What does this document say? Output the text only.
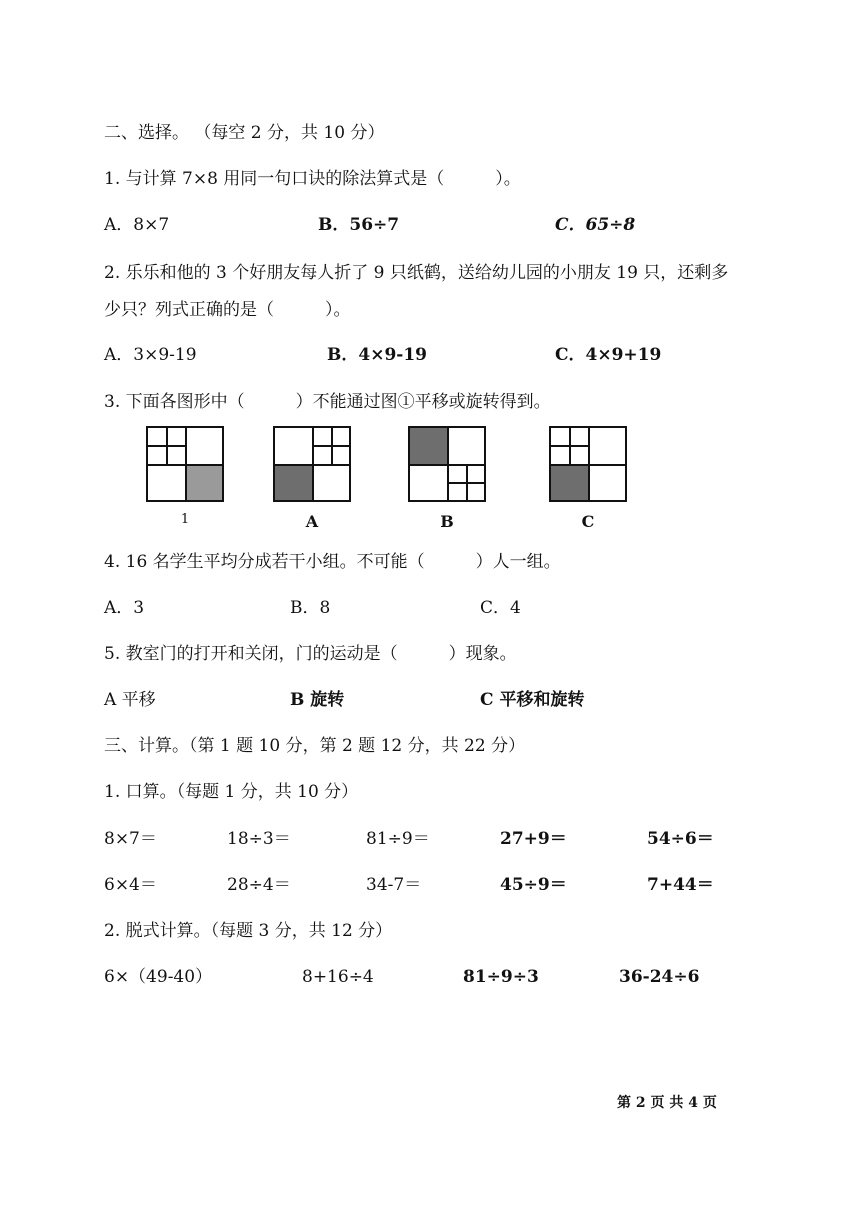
二、选择。 （每空 2 分，共 10 分）
1. 与计算 7×8 用同一句口诀的除法算式是（　　　）。
A．8×7	B．56÷7	C．65÷8
2. 乐乐和他的 3 个好朋友每人折了 9 只纸鹤，送给幼儿园的小朋友 19 只，还剩多
少只？列式正确的是（　　　）。
A．3×9-19	B．4×9-19	C．4×9+19
3. 下面各图形中（　　　）不能通过图①平移或旋转得到。
1	A	B	C
4. 16 名学生平均分成若干小组。不可能（　　　）人一组。
A．3	B．8	C．4
5. 教室门的打开和关闭，门的运动是（　　　）现象。
A 平移	B 旋转	C 平移和旋转
三、计算。（第 1 题 10 分，第 2 题 12 分，共 22 分）
1. 口算。（每题 1 分，共 10 分）
8×7＝	18÷3＝	81÷9＝	27+9＝	54÷6＝
6×4＝	28÷4＝	34-7＝	45÷9＝	7+44＝
2. 脱式计算。（每题 3 分，共 12 分）
6×（49-40）	8+16÷4	81÷9÷3	36-24÷6
第 2 页 共 4 页
